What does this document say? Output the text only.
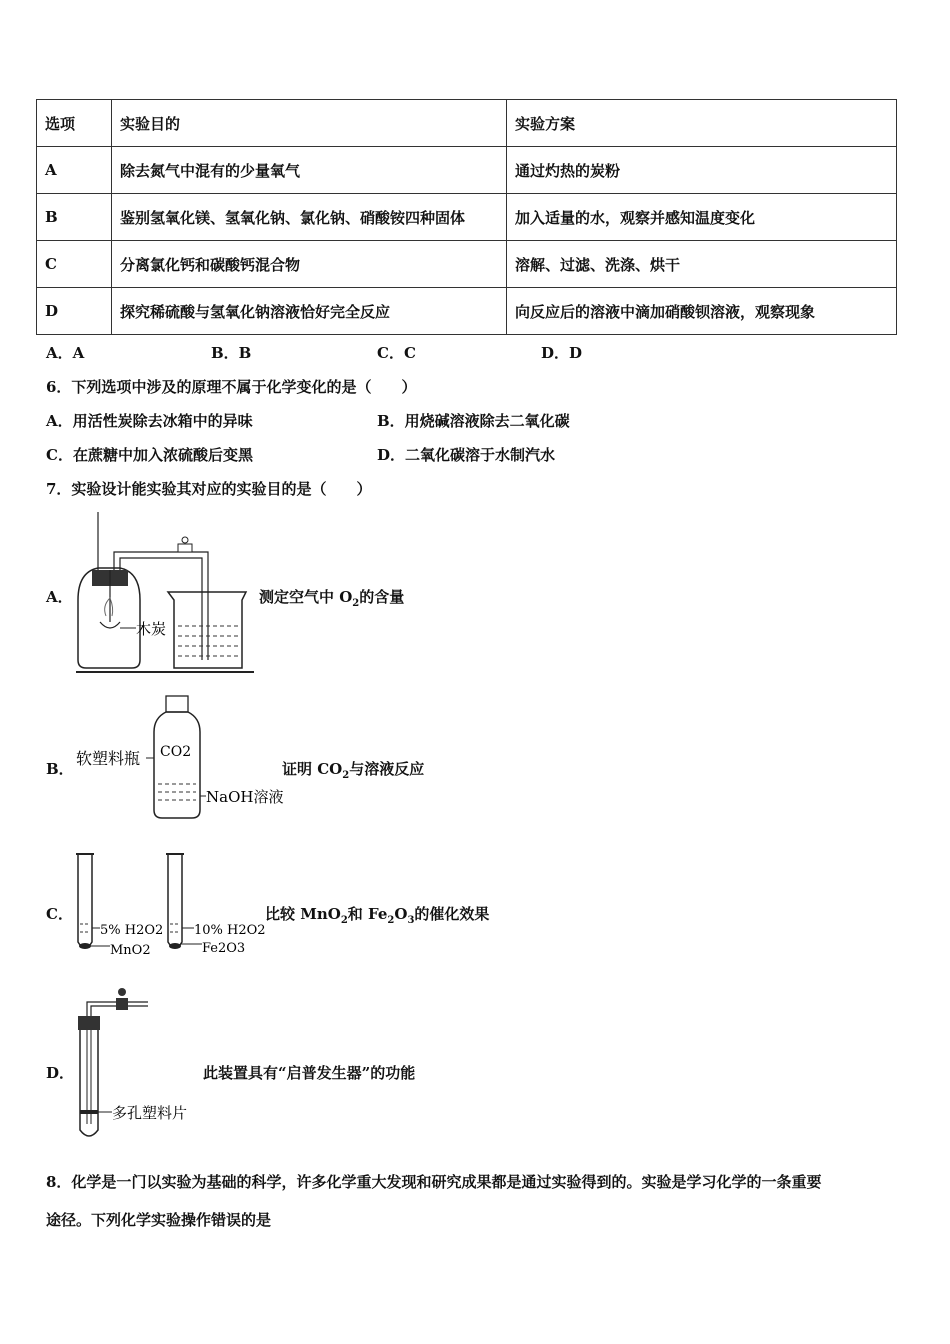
选项	实验目的	实验方案
A	除去氮气中混有的少量氧气	通过灼热的炭粉
B	鉴别氢氧化镁、氢氧化钠、氯化钠、硝酸铵四种固体	加入适量的水，观察并感知温度变化
C	分离氯化钙和碳酸钙混合物	溶解、过滤、洗涤、烘干
D	探究稀硫酸与氢氧化钠溶液恰好完全反应	向反应后的溶液中滴加硝酸钡溶液，观察现象
A．A	B．B	C．C	D．D
6．下列选项中涉及的原理不属于化学变化的是（　　）
A．用活性炭除去冰箱中的异味	B．用烧碱溶液除去二氧化碳
C．在蔗糖中加入浓硫酸后变黑	D．二氧化碳溶于水制汽水
7．实验设计能实验其对应的实验目的是（　　）
A．	测定空气中 $O_2$的含量
木炭
B．	证明 $CO_2$与溶液反应
软塑料瓶 CO2
NaOH溶液
C．	比较 MnO$_2$和 $Fe_2O_3$的催化效果
5% H2O2
MnO2
10% H2O2
Fe2O3
D．	此装置具有“启普发生器”的功能
多孔塑料片
8．化学是一门以实验为基础的科学，许多化学重大发现和研究成果都是通过实验得到的。实验是学习化学的一条重要
途径。下列化学实验操作错误的是
